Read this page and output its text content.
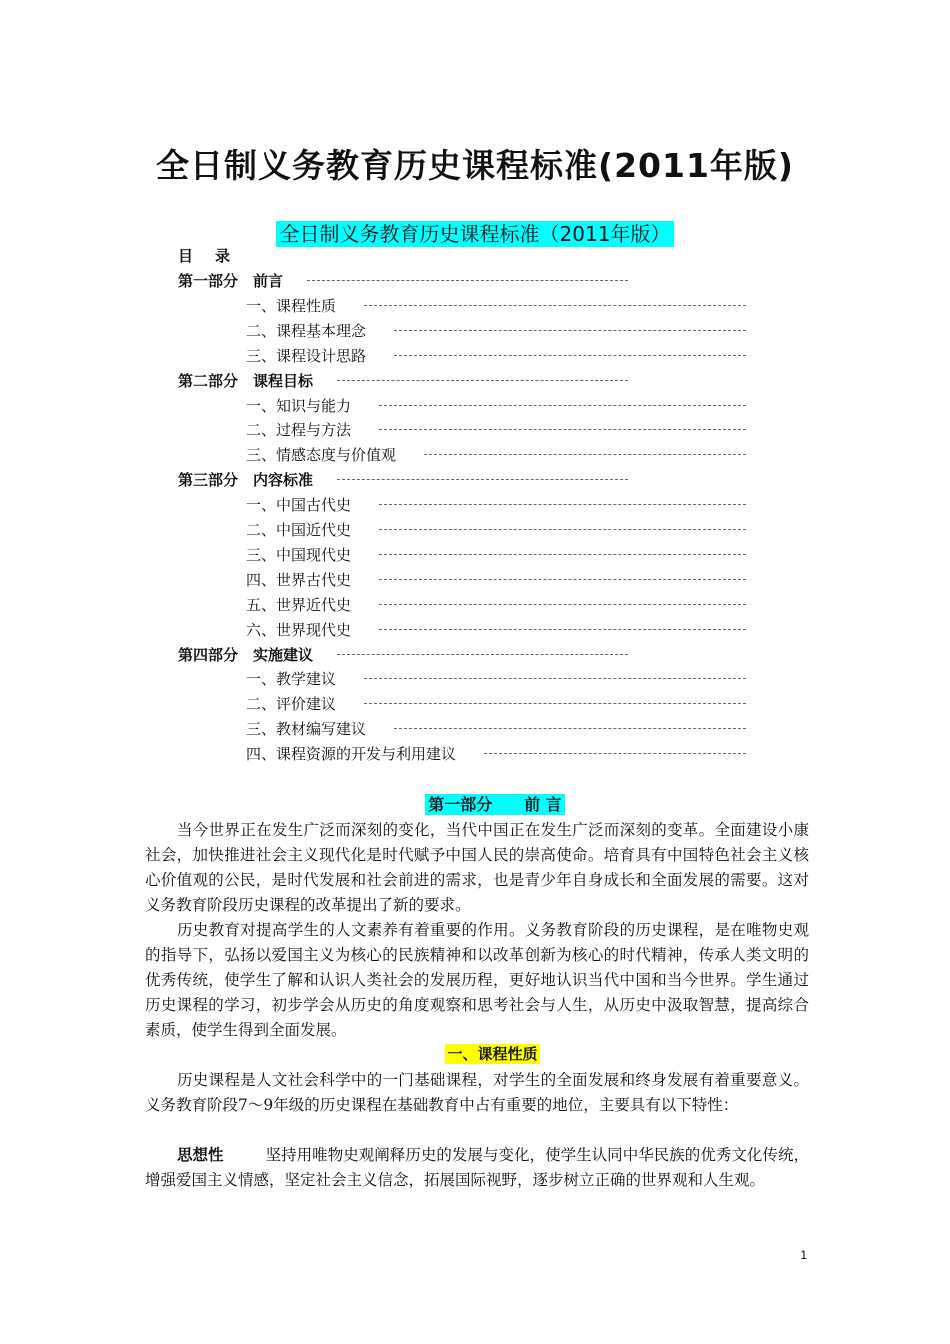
全日制义务教育历史课程标准(2011年版)
全日制义务教育历史课程标准（2011年版）
目 录
第一部分　前言
一、课程性质
二、课程基本理念
三、课程设计思路
第二部分　课程目标
一、知识与能力
二、过程与方法
三、情感态度与价值观
第三部分　内容标准
一、中国古代史
二、中国近代史
三、中国现代史
四、世界古代史
五、世界近代史
六、世界现代史
第四部分　实施建议
一、教学建议
二、评价建议
三、教材编写建议
四、课程资源的开发与利用建议
第一部分　　前 言

当今世界正在发生广泛而深刻的变化，当代中国正在发生广泛而深刻的变革。全面建设小康社会，加快推进社会主义现代化是时代赋予中国人民的崇高使命。培育具有中国特色社会主义核心价值观的公民，是时代发展和社会前进的需求，也是青少年自身成长和全面发展的需要。这对义务教育阶段历史课程的改革提出了新的要求。

历史教育对提高学生的人文素养有着重要的作用。义务教育阶段的历史课程，是在唯物史观的指导下，弘扬以爱国主义为核心的民族精神和以改革创新为核心的时代精神，传承人类文明的优秀传统，使学生了解和认识人类社会的发展历程，更好地认识当代中国和当今世界。学生通过历史课程的学习，初步学会从历史的角度观察和思考社会与人生，从历史中汲取智慧，提高综合素质，使学生得到全面发展。

一、课程性质

历史课程是人文社会科学中的一门基础课程，对学生的全面发展和终身发展有着重要意义。义务教育阶段7～9年级的历史课程在基础教育中占有重要的地位，主要具有以下特性：

思想性	坚持用唯物史观阐释历史的发展与变化，使学生认同中华民族的优秀文化传统，增强爱国主义情感，坚定社会主义信念，拓展国际视野，逐步树立正确的世界观和人生观。

1
